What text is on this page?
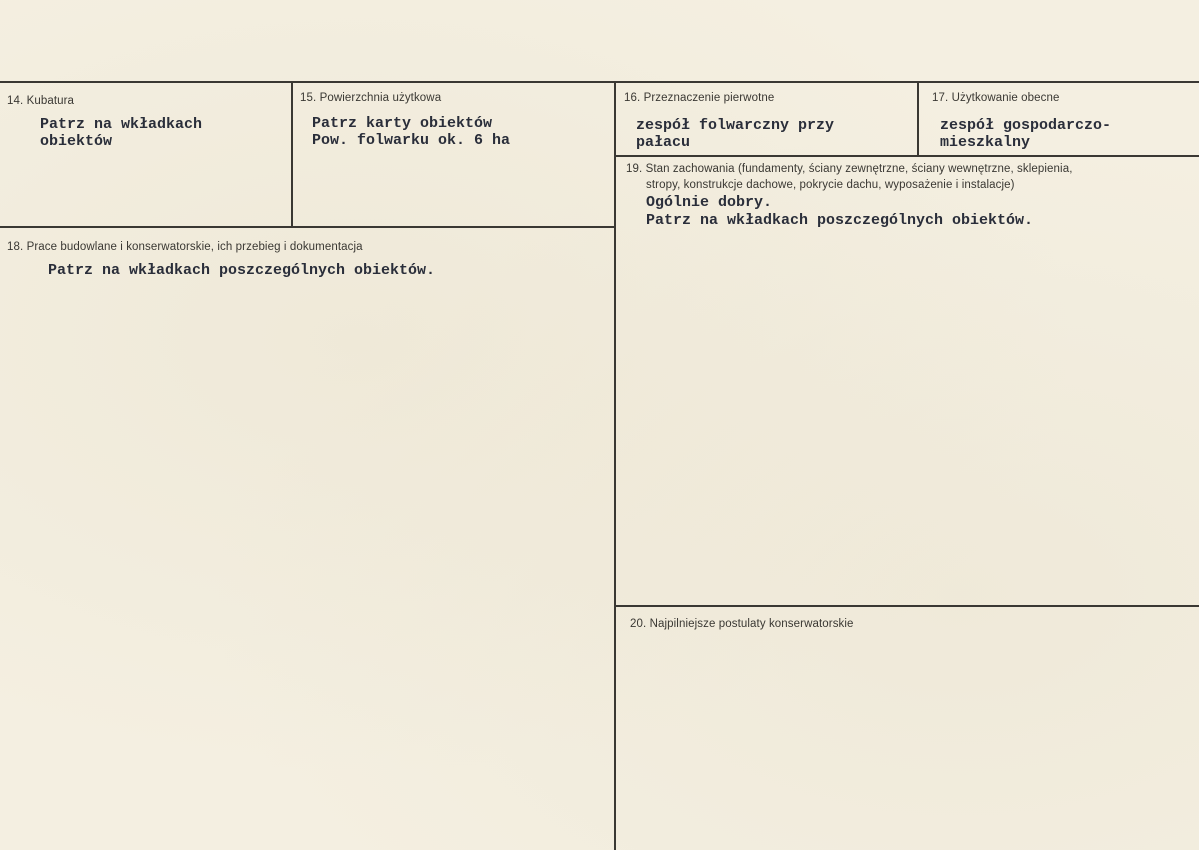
14. Kubatura
Patrz na wkładkach
obiektów
15. Powierzchnia użytkowa
Patrz karty obiektów
Pow. folwarku ok. 6 ha
16. Przeznaczenie pierwotne
zespół folwarczny przy
pałacu
17. Użytkowanie obecne
zespół gospodarczo-
mieszkalny
18. Prace budowlane i konserwatorskie, ich przebieg i dokumentacja
Patrz na wkładkach poszczególnych obiektów.
19. Stan zachowania (fundamenty, ściany zewnętrzne, ściany wewnętrzne, sklepienia,
stropy, konstrukcje dachowe, pokrycie dachu, wyposażenie i instalacje)
Ogólnie dobry.
Patrz na wkładkach poszczególnych obiektów.
20. Najpilniejsze postulaty konserwatorskie
